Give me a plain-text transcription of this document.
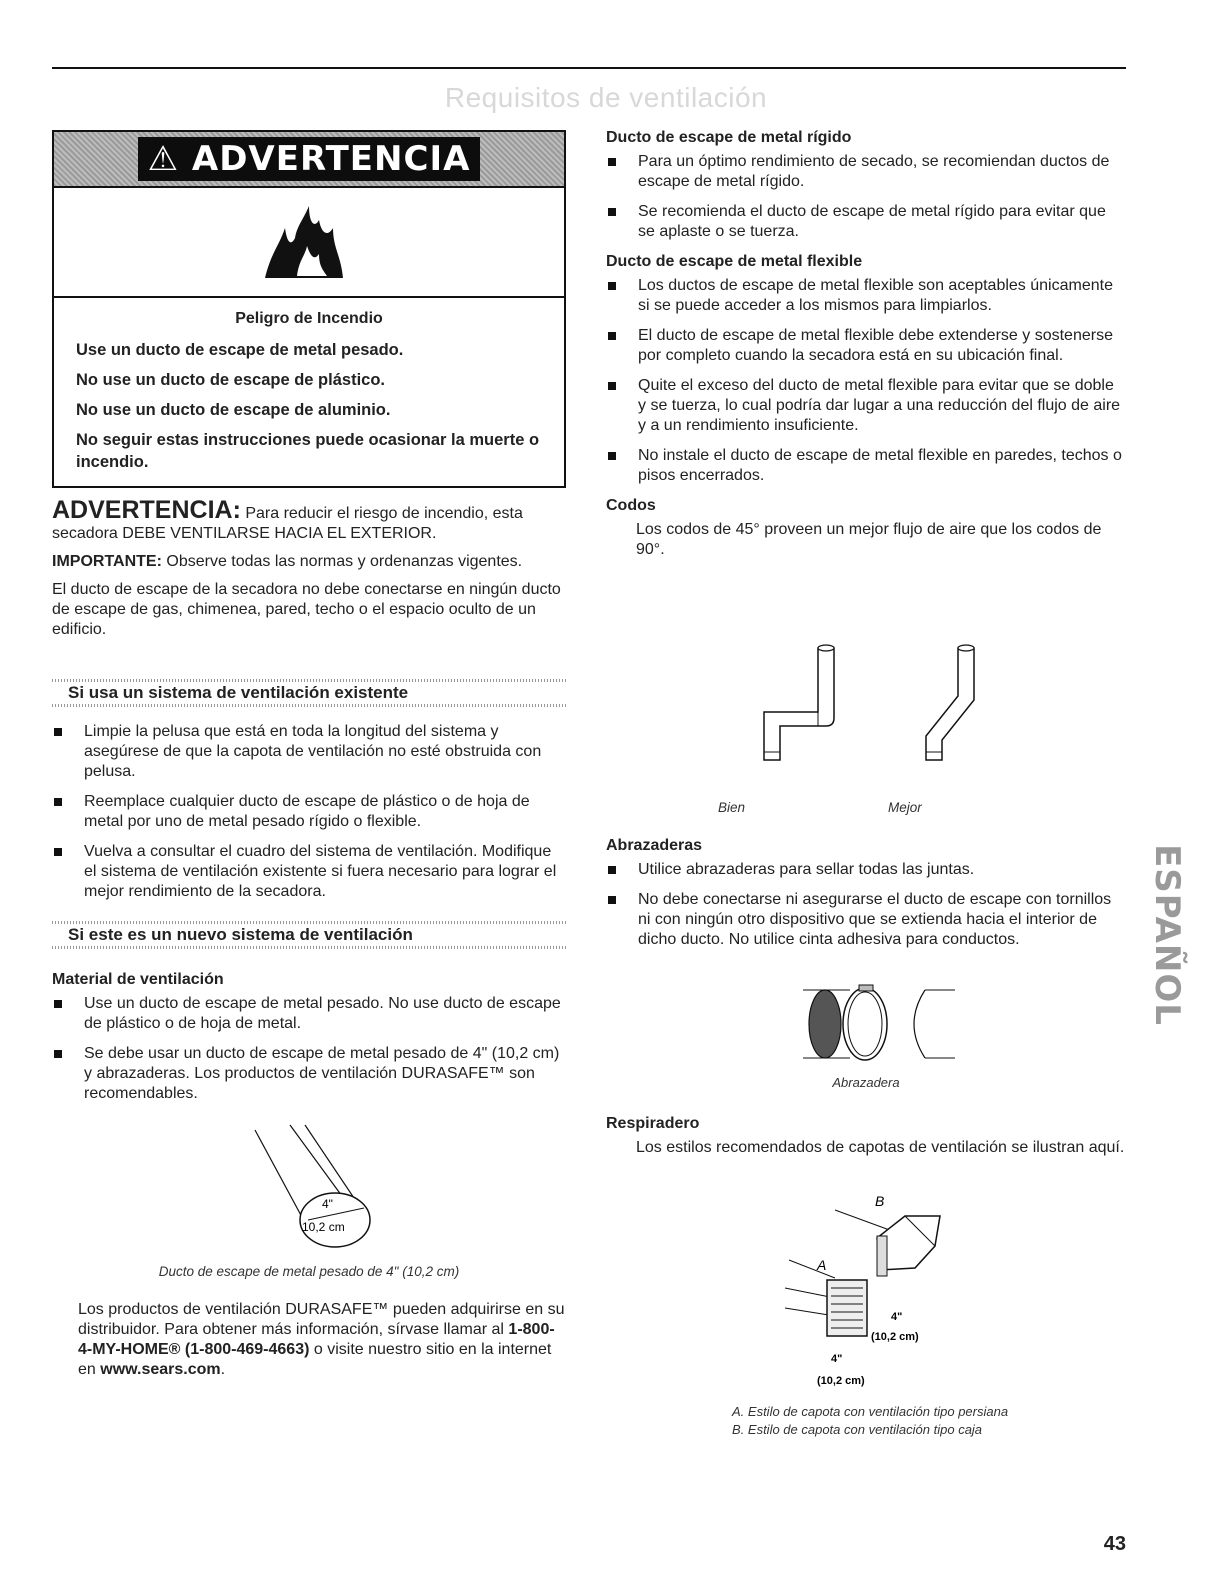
Requisitos de ventilación
⚠ ADVERTENCIA
Peligro de Incendio

Use un ducto de escape de metal pesado.

No use un ducto de escape de plástico.

No use un ducto de escape de aluminio.

No seguir estas instrucciones puede ocasionar la muerte o incendio.

ADVERTENCIA: Para reducir el riesgo de incendio, esta secadora DEBE VENTILARSE HACIA EL EXTERIOR.

IMPORTANTE: Observe todas las normas y ordenanzas vigentes.

El ducto de escape de la secadora no debe conectarse en ningún ducto de escape de gas, chimenea, pared, techo o el espacio oculto de un edificio.

Si usa un sistema de ventilación existente
Limpie la pelusa que está en toda la longitud del sistema y asegúrese de que la capota de ventilación no esté obstruida con pelusa.
Reemplace cualquier ducto de escape de plástico o de hoja de metal por uno de metal pesado rígido o flexible.
Vuelva a consultar el cuadro del sistema de ventilación. Modifique el sistema de ventilación existente si fuera necesario para lograr el mejor rendimiento de la secadora.
Si este es un nuevo sistema de ventilación
Material de ventilación
Use un ducto de escape de metal pesado. No use ducto de escape de plástico o de hoja de metal.
Se debe usar un ducto de escape de metal pesado de 4" (10,2 cm) y abrazaderas. Los productos de ventilación DURASAFE™ son recomendables.
4"
10,2 cm
Ducto de escape de metal pesado de 4" (10,2 cm)
Los productos de ventilación DURASAFE™ pueden adquirirse en su distribuidor. Para obtener más información, sírvase llamar al 1-800-4-MY-HOME® (1-800-469-4663) o visite nuestro sitio en la internet en www.sears.com.
Ducto de escape de metal rígido
Para un óptimo rendimiento de secado, se recomiendan ductos de escape de metal rígido.
Se recomienda el ducto de escape de metal rígido para evitar que se aplaste o se tuerza.
Ducto de escape de metal flexible
Los ductos de escape de metal flexible son aceptables únicamente si se puede acceder a los mismos para limpiarlos.
El ducto de escape de metal flexible debe extenderse y sostenerse por completo cuando la secadora está en su ubicación final.
Quite el exceso del ducto de metal flexible para evitar que se doble y se tuerza, lo cual podría dar lugar a una reducción del flujo de aire y a un rendimiento insuficiente.
No instale el ducto de escape de metal flexible en paredes, techos o pisos encerrados.
Codos

Los codos de 45° proveen un mejor flujo de aire que los codos de 90°.

Bien	Mejor
Abrazaderas
Utilice abrazaderas para sellar todas las juntas.
No debe conectarse ni asegurarse el ducto de escape con tornillos ni con ningún otro dispositivo que se extienda hacia el interior de dicho ducto. No utilice cinta adhesiva para conductos.
Abrazadera
Respiradero

Los estilos recomendados de capotas de ventilación se ilustran aquí.

B
A
4"
(10,2 cm)
4"
(10,2 cm)
A. Estilo de capota con ventilación tipo persiana
B. Estilo de capota con ventilación tipo caja
ESPAÑOL
43
